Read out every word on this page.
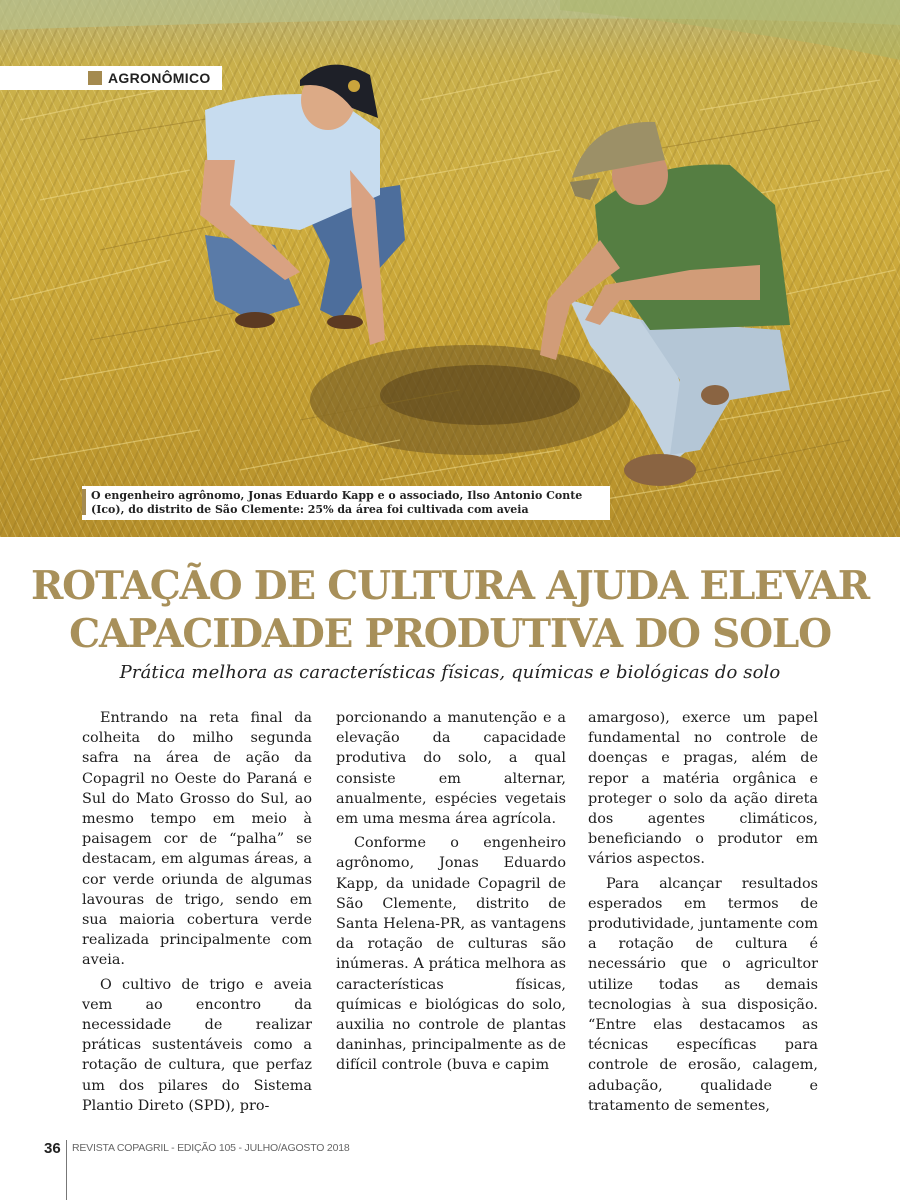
AGRONÔMICO
O engenheiro agrônomo, Jonas Eduardo Kapp e o associado, Ilso Antonio Conte
(Ico), do distrito de São Clemente: 25% da área foi cultivada com aveia
ROTAÇÃO DE CULTURA AJUDA ELEVAR
CAPACIDADE PRODUTIVA DO SOLO
Prática melhora as características físicas, químicas e biológicas do solo

Entrando na reta final da colheita do milho segunda safra na área de ação da Copagril no Oeste do Paraná e Sul do Mato Grosso do Sul, ao mesmo tempo em meio à paisagem cor de “palha” se destacam, em algumas áreas, a cor verde oriunda de algumas lavouras de trigo, sendo em sua maioria cobertura verde realizada principalmente com aveia.

O cultivo de trigo e aveia vem ao encontro da necessidade de realizar práticas sustentáveis como a rotação de cultura, que perfaz um dos pilares do Sistema Plantio Direto (SPD), pro-

porcionando a manutenção e a elevação da capacidade produtiva do solo, a qual consiste em alternar, anualmente, espécies vegetais em uma mesma área agrícola.

Conforme o engenheiro agrônomo, Jonas Eduardo Kapp, da unidade Copagril de São Clemente, distrito de Santa Helena-PR, as vantagens da rotação de culturas são inúmeras. A prática melhora as características físicas, químicas e biológicas do solo, auxilia no controle de plantas daninhas, principalmente as de difícil controle (buva e capim

amargoso), exerce um papel fundamental no controle de doenças e pragas, além de repor a matéria orgânica e proteger o solo da ação direta dos agentes climáticos, beneficiando o produtor em vários aspectos.

Para alcançar resultados esperados em termos de produtividade, juntamente com a rotação de cultura é necessário que o agricultor utilize todas as demais tecnologias à sua disposição. “Entre elas destacamos as técnicas específicas para controle de erosão, calagem, adubação, qualidade e tratamento de sementes,

36 REVISTA COPAGRIL - EDIÇÃO 105 - JULHO/AGOSTO 2018
